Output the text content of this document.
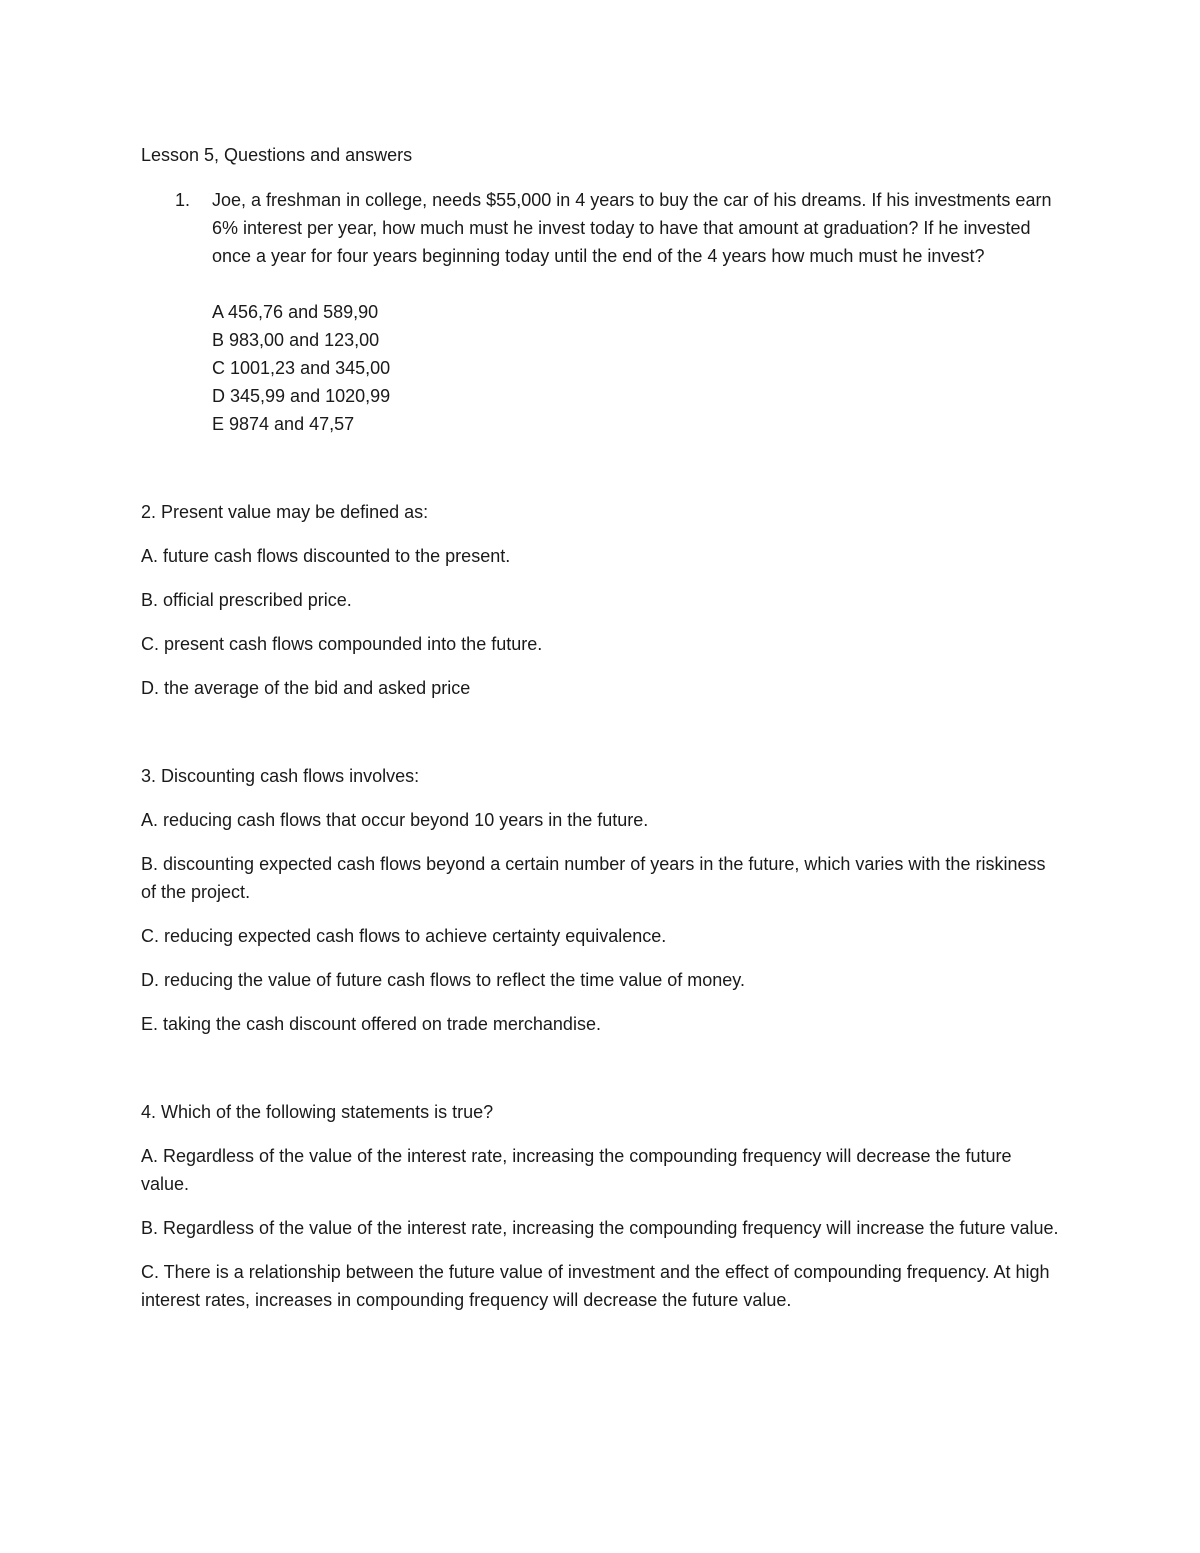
Lesson 5, Questions and answers

1.	Joe, a freshman in college, needs $55,000 in 4 years to buy the car of his dreams. If his investments earn 6% interest per year, how much must he invest today to have that amount at graduation? If he invested once a year for four years beginning today until the end of the 4 years how much must he invest?

A 456,76 and 589,90

B 983,00 and 123,00

C 1001,23 and 345,00

D 345,99 and 1020,99

E 9874 and 47,57

2. Present value may be defined as:

A. future cash flows discounted to the present.

B. official prescribed price.

C. present cash flows compounded into the future.

D. the average of the bid and asked price

3. Discounting cash flows involves:

A. reducing cash flows that occur beyond 10 years in the future.

B. discounting expected cash flows beyond a certain number of years in the future, which varies with the riskiness of the project.

C. reducing expected cash flows to achieve certainty equivalence.

D. reducing the value of future cash flows to reflect the time value of money.

E. taking the cash discount offered on trade merchandise.

4. Which of the following statements is true?

A. Regardless of the value of the interest rate, increasing the compounding frequency will decrease the future value.

B. Regardless of the value of the interest rate, increasing the compounding frequency will increase the future value.

C. There is a relationship between the future value of investment and the effect of compounding frequency. At high interest rates, increases in compounding frequency will decrease the future value.
